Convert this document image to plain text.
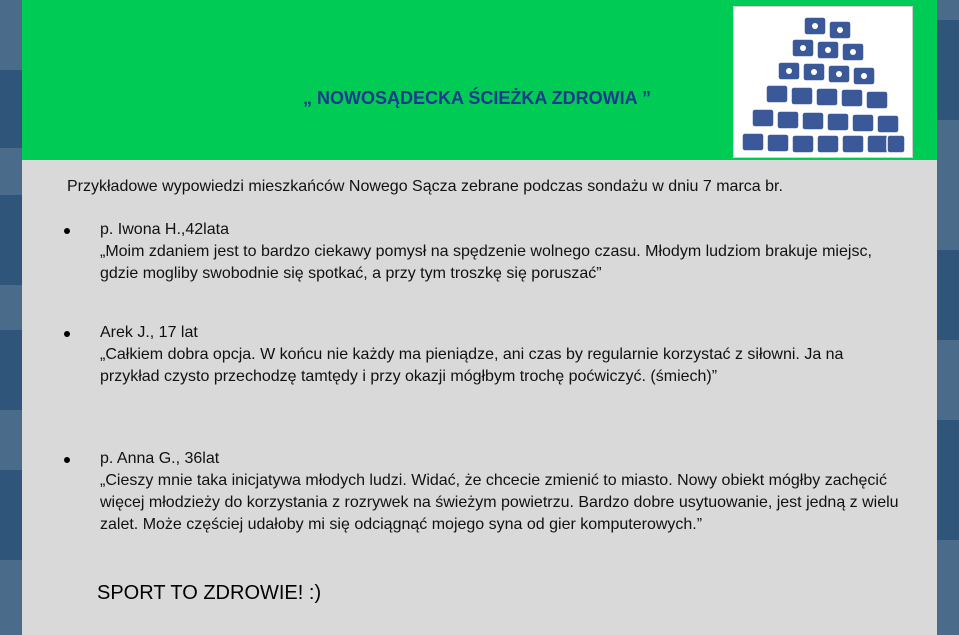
„ NOWOSĄDECKA ŚCIEŻKA ZDROWIA ”
Przykładowe wypowiedzi mieszkańców Nowego Sącza zebrane podczas sondażu w dniu 7 marca br.
p. Iwona H.,42lata
„Moim zdaniem jest to bardzo ciekawy pomysł na spędzenie wolnego czasu. Młodym ludziom brakuje miejsc, gdzie mogliby swobodnie się spotkać, a przy tym troszkę się poruszać”
Arek J., 17 lat
„Całkiem dobra opcja. W końcu nie każdy ma pieniądze, ani czas by regularnie korzystać z siłowni. Ja na przykład czysto przechodzę tamtędy i przy okazji mógłbym trochę poćwiczyć. (śmiech)”
p. Anna G., 36lat
„Cieszy mnie taka inicjatywa młodych ludzi. Widać, że chcecie zmienić to miasto. Nowy obiekt mógłby zachęcić więcej młodzieży do korzystania z rozrywek na świeżym powietrzu. Bardzo dobre usytuowanie, jest jedną z wielu zalet. Może częściej udałoby mi się odciągnąć mojego syna od gier komputerowych.”
SPORT TO ZDROWIE! :)
